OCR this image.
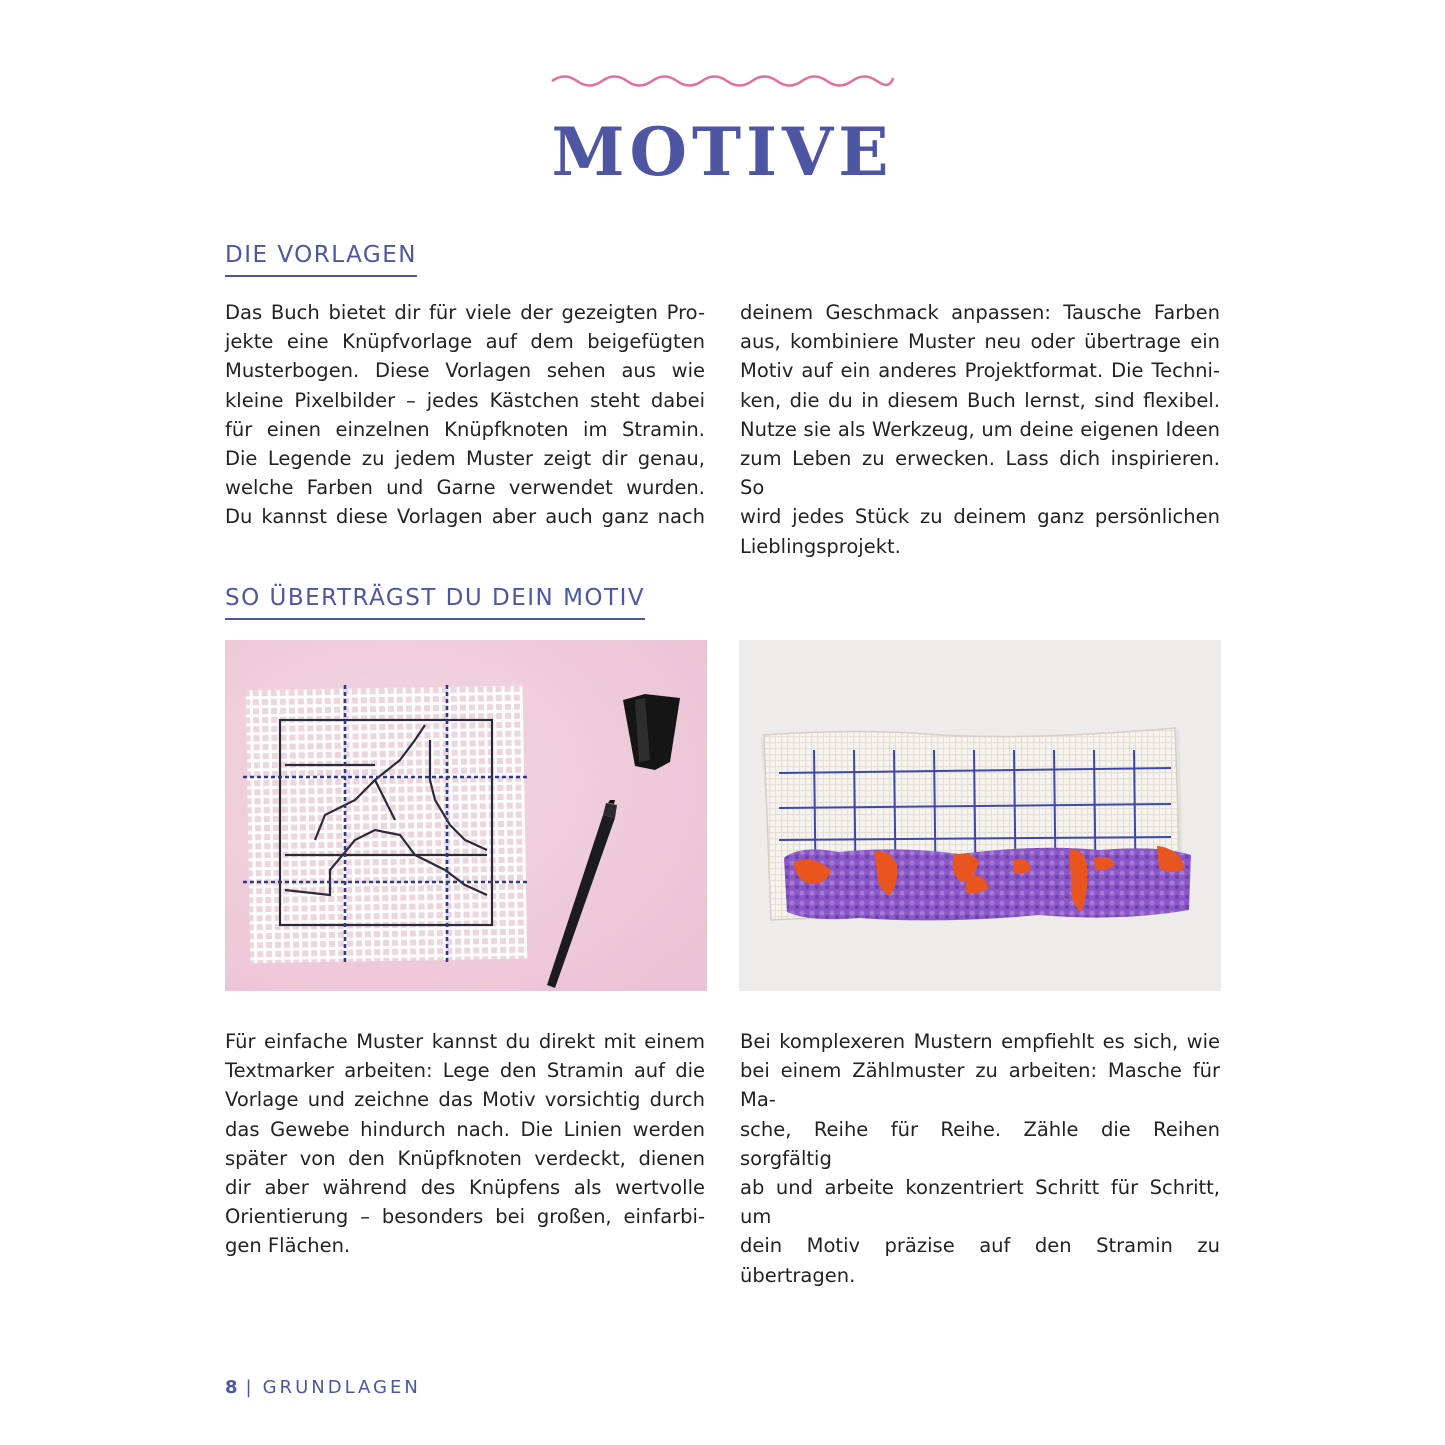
MOTIVE
DIE VORLAGEN
Das Buch bietet dir für viele der gezeigten Pro-
jekte eine Knüpfvorlage auf dem beigefügten
Musterbogen. Diese Vorlagen sehen aus wie
kleine Pixelbilder – jedes Kästchen steht dabei
für einen einzelnen Knüpfknoten im Stramin.
Die Legende zu jedem Muster zeigt dir genau,
welche Farben und Garne verwendet wurden.
Du kannst diese Vorlagen aber auch ganz nach
deinem Geschmack anpassen: Tausche Farben
aus, kombiniere Muster neu oder übertrage ein
Motiv auf ein anderes Projektformat. Die Techni-
ken, die du in diesem Buch lernst, sind flexibel.
Nutze sie als Werkzeug, um deine eigenen Ideen
zum Leben zu erwecken. Lass dich inspirieren. So
wird jedes Stück zu deinem ganz persönlichen
Lieblingsprojekt.
SO ÜBERTRÄGST DU DEIN MOTIV
Für einfache Muster kannst du direkt mit einem
Textmarker arbeiten: Lege den Stramin auf die
Vorlage und zeichne das Motiv vorsichtig durch
das Gewebe hindurch nach. Die Linien werden
später von den Knüpfknoten verdeckt, dienen
dir aber während des Knüpfens als wertvolle
Orientierung – besonders bei großen, einfarbi-
gen Flächen.
Bei komplexeren Mustern empfiehlt es sich, wie
bei einem Zählmuster zu arbeiten: Masche für Ma-
sche, Reihe für Reihe. Zähle die Reihen sorgfältig
ab und arbeite konzentriert Schritt für Schritt, um
dein Motiv präzise auf den Stramin zu übertragen.
8 | GRUNDLAGEN
